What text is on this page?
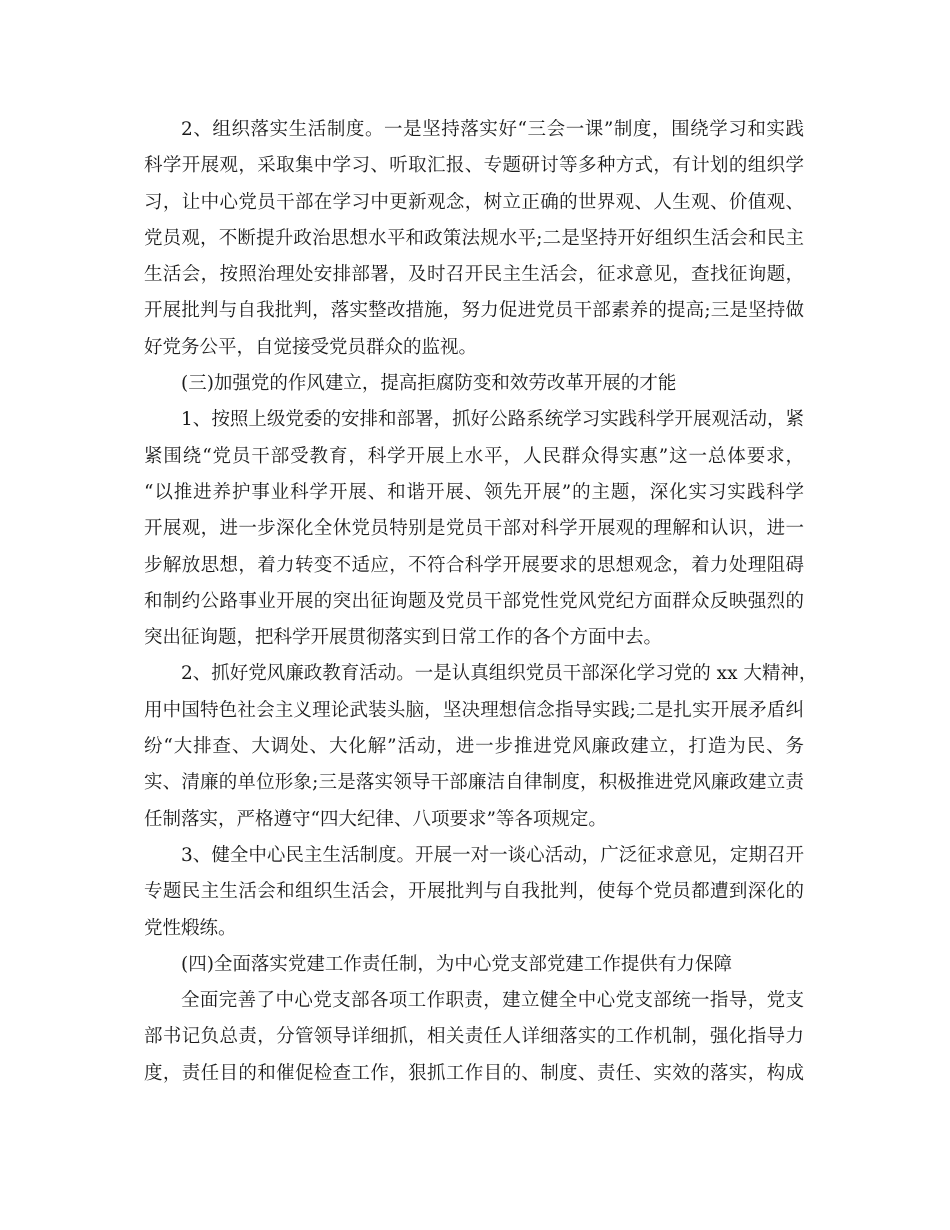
2、组织落实生活制度。一是坚持落实好“三会一课”制度，围绕学习和实践
科学开展观，采取集中学习、听取汇报、专题研讨等多种方式，有计划的组织学
习，让中心党员干部在学习中更新观念，树立正确的世界观、人生观、价值观、
党员观，不断提升政治思想水平和政策法规水平;二是坚持开好组织生活会和民主
生活会，按照治理处安排部署，及时召开民主生活会，征求意见，查找征询题，
开展批判与自我批判，落实整改措施，努力促进党员干部素养的提高;三是坚持做
好党务公平，自觉接受党员群众的监视。
(三)加强党的作风建立，提高拒腐防变和效劳改革开展的才能
1、按照上级党委的安排和部署，抓好公路系统学习实践科学开展观活动，紧
紧围绕“党员干部受教育，科学开展上水平，人民群众得实惠”这一总体要求，
“以推进养护事业科学开展、和谐开展、领先开展”的主题，深化实习实践科学
开展观，进一步深化全休党员特别是党员干部对科学开展观的理解和认识，进一
步解放思想，着力转变不适应，不符合科学开展要求的思想观念，着力处理阻碍
和制约公路事业开展的突出征询题及党员干部党性党风党纪方面群众反映强烈的
突出征询题，把科学开展贯彻落实到日常工作的各个方面中去。
2、抓好党风廉政教育活动。一是认真组织党员干部深化学习党的 xx 大精神，
用中国特色社会主义理论武装头脑，坚决理想信念指导实践;二是扎实开展矛盾纠
纷“大排查、大调处、大化解”活动，进一步推进党风廉政建立，打造为民、务
实、清廉的单位形象;三是落实领导干部廉洁自律制度，积极推进党风廉政建立责
任制落实，严格遵守“四大纪律、八项要求”等各项规定。
3、健全中心民主生活制度。开展一对一谈心活动，广泛征求意见，定期召开
专题民主生活会和组织生活会，开展批判与自我批判，使每个党员都遭到深化的
党性煅练。
(四)全面落实党建工作责任制，为中心党支部党建工作提供有力保障
全面完善了中心党支部各项工作职责，建立健全中心党支部统一指导，党支
部书记负总责，分管领导详细抓，相关责任人详细落实的工作机制，强化指导力
度，责任目的和催促检查工作，狠抓工作目的、制度、责任、实效的落实，构成
